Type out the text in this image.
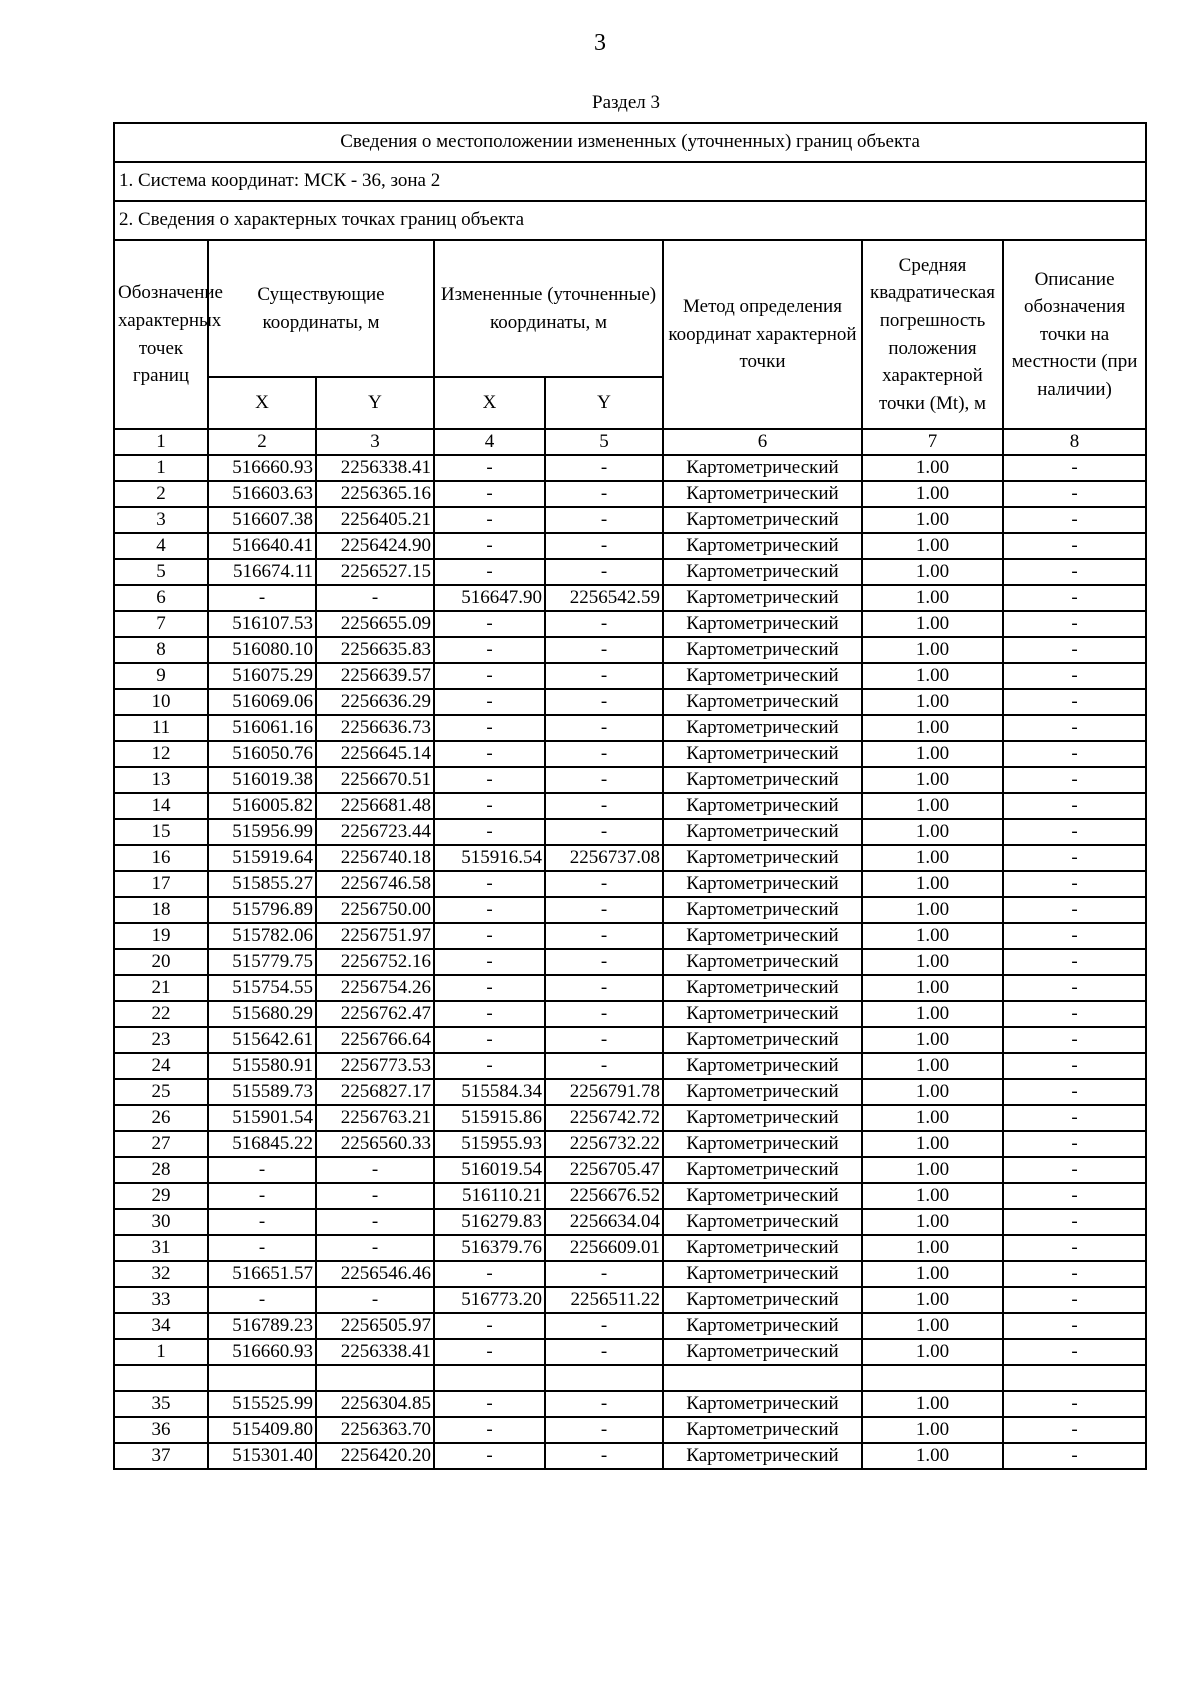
3
Раздел 3
Сведения о местоположении измененных (уточненных) границ объекта							
1. Система координат: МСК - 36, зона 2							
2. Сведения о характерных точках границ объекта							
Обозначение характерных точек границ	Существующие координаты, м		Измененные (уточненные) координаты, м		Метод определения координат характерной точки	Средняя квадратическая погрешность положения характерной точки (Mt), м	Описание обозначения точки на местности (при наличии)
	X	Y	X	Y			
1	2	3	4	5	6	7	8
1	516660.93	2256338.41	-	-	Картометрический	1.00	-
2	516603.63	2256365.16	-	-	Картометрический	1.00	-
3	516607.38	2256405.21	-	-	Картометрический	1.00	-
4	516640.41	2256424.90	-	-	Картометрический	1.00	-
5	516674.11	2256527.15	-	-	Картометрический	1.00	-
6	-	-	516647.90	2256542.59	Картометрический	1.00	-
7	516107.53	2256655.09	-	-	Картометрический	1.00	-
8	516080.10	2256635.83	-	-	Картометрический	1.00	-
9	516075.29	2256639.57	-	-	Картометрический	1.00	-
10	516069.06	2256636.29	-	-	Картометрический	1.00	-
11	516061.16	2256636.73	-	-	Картометрический	1.00	-
12	516050.76	2256645.14	-	-	Картометрический	1.00	-
13	516019.38	2256670.51	-	-	Картометрический	1.00	-
14	516005.82	2256681.48	-	-	Картометрический	1.00	-
15	515956.99	2256723.44	-	-	Картометрический	1.00	-
16	515919.64	2256740.18	515916.54	2256737.08	Картометрический	1.00	-
17	515855.27	2256746.58	-	-	Картометрический	1.00	-
18	515796.89	2256750.00	-	-	Картометрический	1.00	-
19	515782.06	2256751.97	-	-	Картометрический	1.00	-
20	515779.75	2256752.16	-	-	Картометрический	1.00	-
21	515754.55	2256754.26	-	-	Картометрический	1.00	-
22	515680.29	2256762.47	-	-	Картометрический	1.00	-
23	515642.61	2256766.64	-	-	Картометрический	1.00	-
24	515580.91	2256773.53	-	-	Картометрический	1.00	-
25	515589.73	2256827.17	515584.34	2256791.78	Картометрический	1.00	-
26	515901.54	2256763.21	515915.86	2256742.72	Картометрический	1.00	-
27	516845.22	2256560.33	515955.93	2256732.22	Картометрический	1.00	-
28	-	-	516019.54	2256705.47	Картометрический	1.00	-
29	-	-	516110.21	2256676.52	Картометрический	1.00	-
30	-	-	516279.83	2256634.04	Картометрический	1.00	-
31	-	-	516379.76	2256609.01	Картометрический	1.00	-
32	516651.57	2256546.46	-	-	Картометрический	1.00	-
33	-	-	516773.20	2256511.22	Картометрический	1.00	-
34	516789.23	2256505.97	-	-	Картометрический	1.00	-
1	516660.93	2256338.41	-	-	Картометрический	1.00	-

35	515525.99	2256304.85	-	-	Картометрический	1.00	-
36	515409.80	2256363.70	-	-	Картометрический	1.00	-
37	515301.40	2256420.20	-	-	Картометрический	1.00	-
